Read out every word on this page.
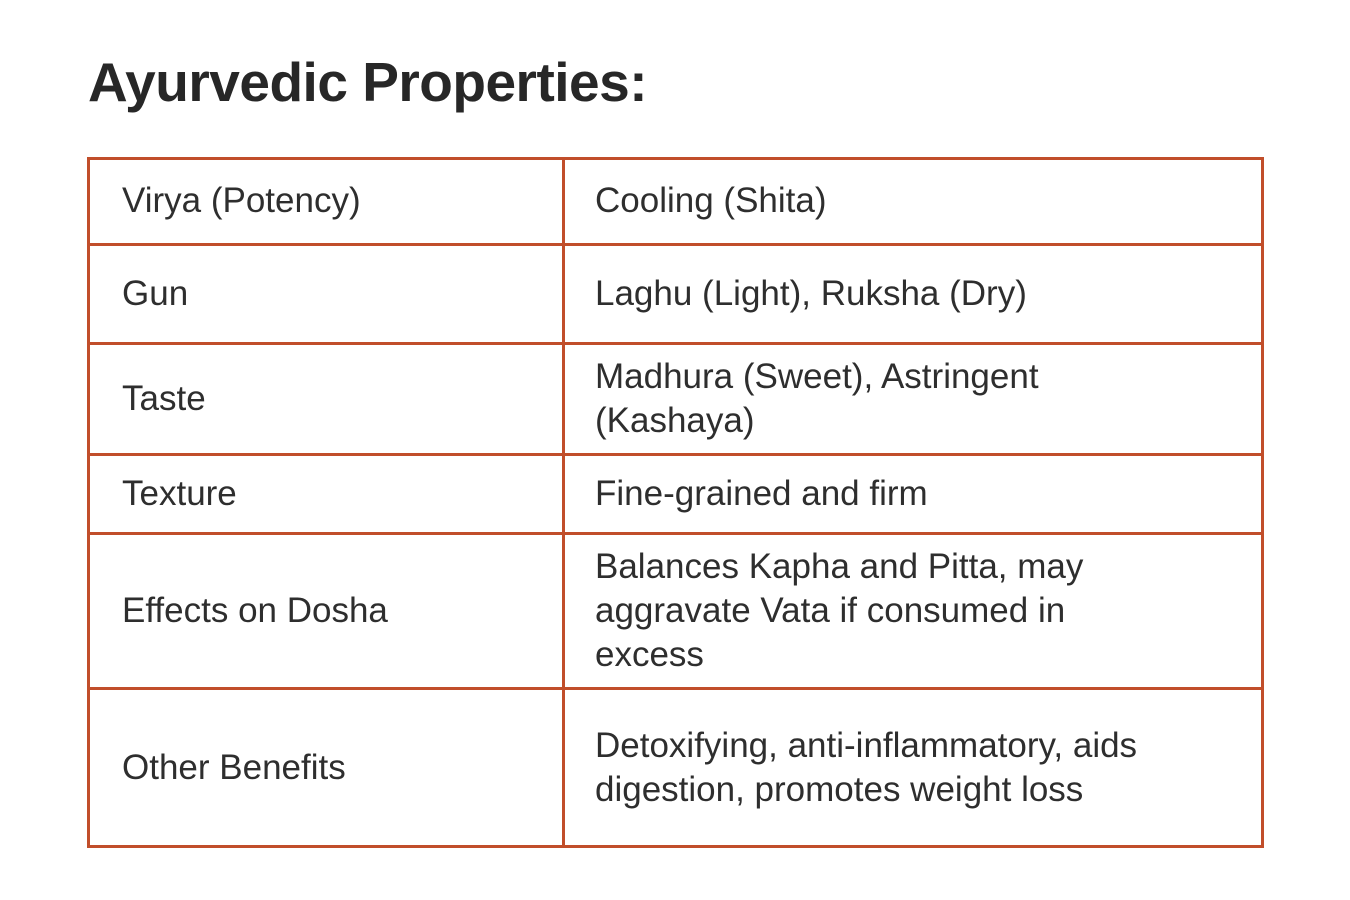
Ayurvedic Properties:
Virya (Potency)	Cooling (Shita)
Gun	Laghu (Light), Ruksha (Dry)
Taste	Madhura (Sweet), Astringent (Kashaya)
Texture	Fine-grained and firm
Effects on Dosha	Balances Kapha and Pitta, may aggravate Vata if consumed in excess
Other Benefits	Detoxifying, anti-inflammatory, aids digestion, promotes weight loss
